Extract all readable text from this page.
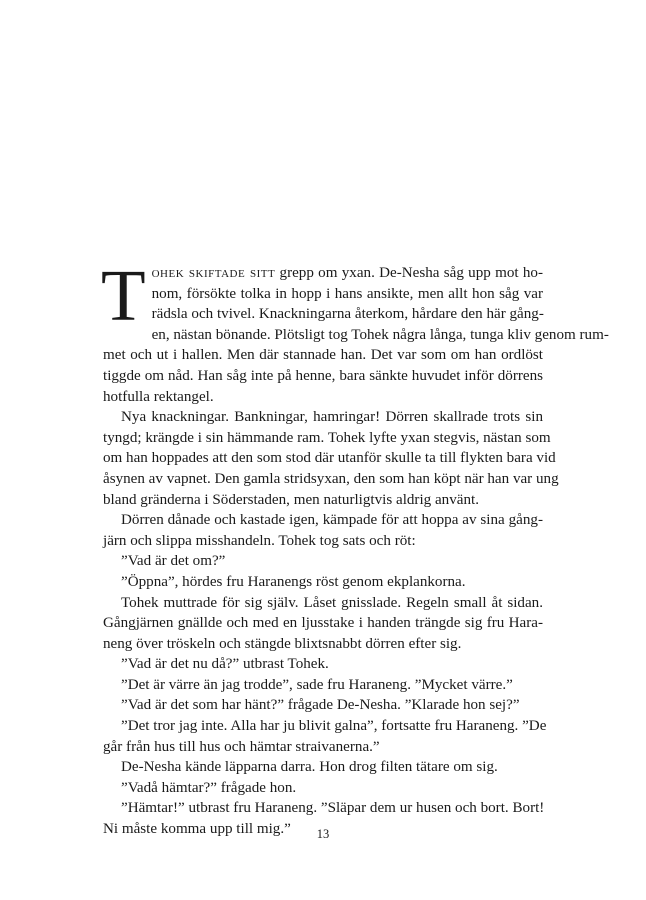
T ohek skiftade sitt grepp om yxan. De-Nesha såg upp mot ho-
nom, försökte tolka in hopp i hans ansikte, men allt hon såg var
rädsla och tvivel. Knackningarna återkom, hårdare den här gång-
en, nästan bönande. Plötsligt tog Tohek några långa, tunga kliv genom rum-
met och ut i hallen. Men där stannade han. Det var som om han ordlöst
tiggde om nåd. Han såg inte på henne, bara sänkte huvudet inför dörrens
hotfulla rektangel.
Nya knackningar. Bankningar, hamringar! Dörren skallrade trots sin
tyngd; krängde i sin hämmande ram. Tohek lyfte yxan stegvis, nästan som
om han hoppades att den som stod där utanför skulle ta till flykten bara vid
åsynen av vapnet. Den gamla stridsyxan, den som han köpt när han var ung
bland gränderna i Söderstaden, men naturligtvis aldrig använt.
Dörren dånade och kastade igen, kämpade för att hoppa av sina gång-
järn och slippa misshandeln. Tohek tog sats och röt:
”Vad är det om?”
”Öppna”, hördes fru Haranengs röst genom ekplankorna.
Tohek muttrade för sig själv. Låset gnisslade. Regeln small åt sidan.
Gångjärnen gnällde och med en ljusstake i handen trängde sig fru Hara-
neng över tröskeln och stängde blixtsnabbt dörren efter sig.
”Vad är det nu då?” utbrast Tohek.
”Det är värre än jag trodde”, sade fru Haraneng. ”Mycket värre.”
”Vad är det som har hänt?” frågade De-Nesha. ”Klarade hon sej?”
”Det tror jag inte. Alla har ju blivit galna”, fortsatte fru Haraneng. ”De
går från hus till hus och hämtar straivanerna.”
De-Nesha kände läpparna darra. Hon drog filten tätare om sig.
”Vadå hämtar?” frågade hon.
”Hämtar!” utbrast fru Haraneng. ”Släpar dem ur husen och bort. Bort!
Ni måste komma upp till mig.”	13
